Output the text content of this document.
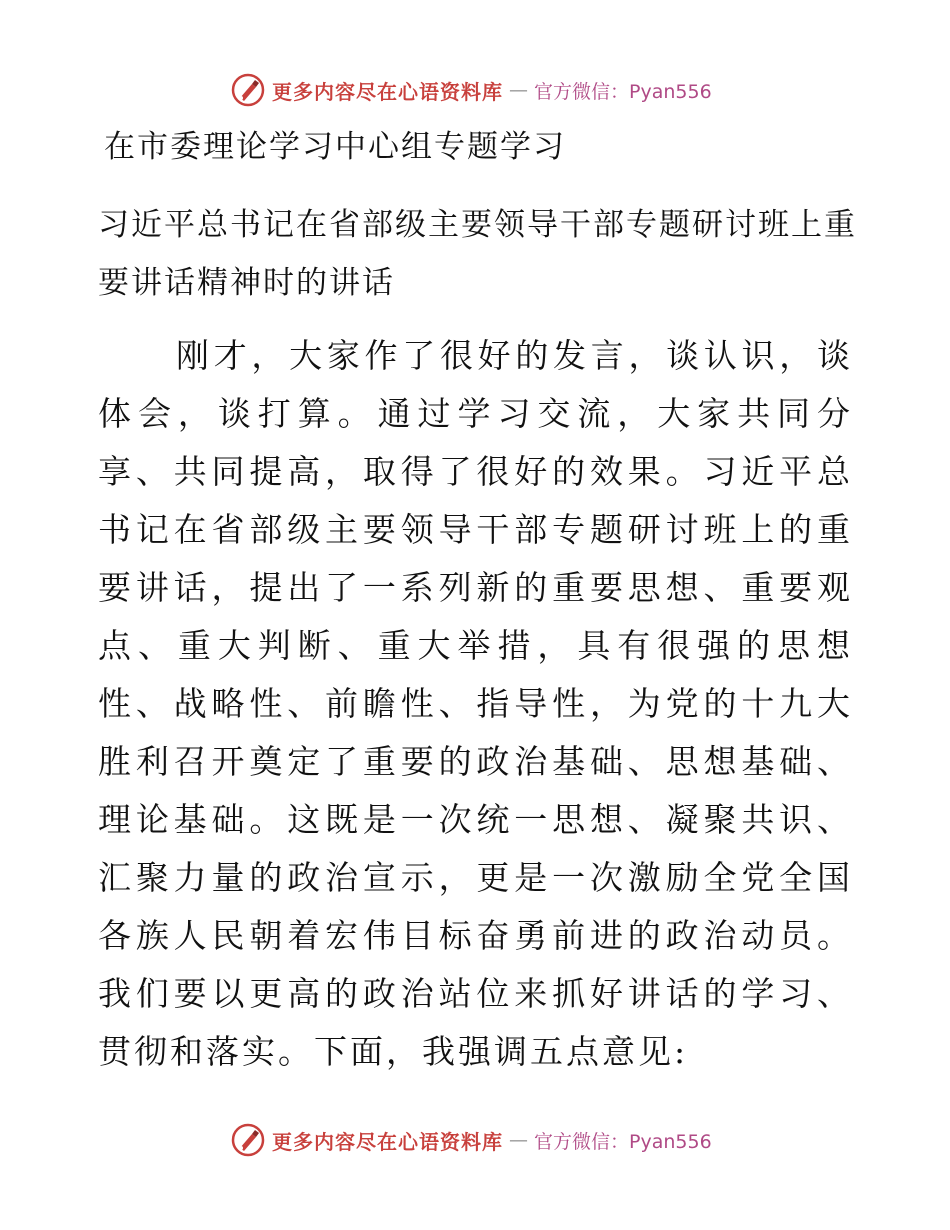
更多内容尽在心语资料库 — 官方微信：Pyan556
在市委理论学习中心组专题学习
习近平总书记在省部级主要领导干部专题研讨班上重要讲话精神时的讲话

刚才，大家作了很好的发言，谈认识，谈体会，谈打算。通过学习交流，大家共同分享、共同提高，取得了很好的效果。习近平总书记在省部级主要领导干部专题研讨班上的重要讲话，提出了一系列新的重要思想、重要观点、重大判断、重大举措，具有很强的思想性、战略性、前瞻性、指导性，为党的十九大胜利召开奠定了重要的政治基础、思想基础、理论基础。这既是一次统一思想、凝聚共识、汇聚力量的政治宣示，更是一次激励全党全国各族人民朝着宏伟目标奋勇前进的政治动员。我们要以更高的政治站位来抓好讲话的学习、贯彻和落实。下面，我强调五点意见:

更多内容尽在心语资料库 — 官方微信：Pyan556
